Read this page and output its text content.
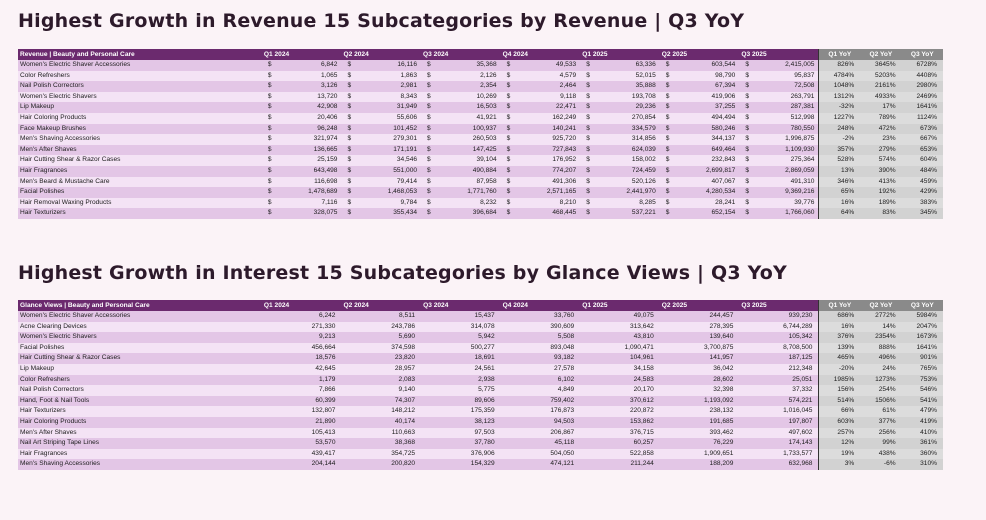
Highest Growth in Revenue 15 Subcategories by Revenue | Q3 YoY
Revenue | Beauty and Personal Care	Q1 2024		Q2 2024		Q3 2024		Q4 2024		Q1 2025		Q2 2025		Q3 2025		Q1 YoY	Q2 YoY	Q3 YoY
Women's Electric Shaver Accessories	$	6,842	$	16,116	$	35,368	$	49,533	$	63,336	$	603,544	$	2,415,005	826%	3645%	6728%
Color Refreshers	$	1,065	$	1,863	$	2,126	$	4,579	$	52,015	$	98,790	$	95,837	4784%	5203%	4408%
Nail Polish Correctors	$	3,126	$	2,981	$	2,354	$	2,464	$	35,888	$	67,394	$	72,508	1048%	2161%	2980%
Women's Electric Shavers	$	13,720	$	8,343	$	10,269	$	9,118	$	193,708	$	419,906	$	263,791	1312%	4933%	2469%
Lip Makeup	$	42,908	$	31,949	$	16,503	$	22,471	$	29,236	$	37,255	$	287,381	-32%	17%	1641%
Hair Coloring Products	$	20,406	$	55,606	$	41,921	$	162,249	$	270,854	$	494,494	$	512,998	1227%	789%	1124%
Face Makeup Brushes	$	96,248	$	101,452	$	100,937	$	140,241	$	334,579	$	580,246	$	780,550	248%	472%	673%
Men's Shaving Accessories	$	321,974	$	279,301	$	260,503	$	925,720	$	314,856	$	344,137	$	1,996,875	-2%	23%	667%
Men's After Shaves	$	136,665	$	171,191	$	147,425	$	727,843	$	624,039	$	649,464	$	1,109,930	357%	279%	653%
Hair Cutting Shear & Razor Cases	$	25,159	$	34,546	$	39,104	$	176,952	$	158,002	$	232,843	$	275,364	528%	574%	604%
Hair Fragrances	$	643,498	$	551,000	$	490,884	$	774,207	$	724,459	$	2,699,817	$	2,869,059	13%	390%	484%
Men's Beard & Mustache Care	$	116,698	$	79,414	$	87,958	$	491,306	$	520,126	$	407,067	$	491,310	346%	413%	459%
Facial Polishes	$	1,478,689	$	1,468,053	$	1,771,760	$	2,571,165	$	2,441,970	$	4,280,534	$	9,369,216	65%	192%	429%
Hair Removal Waxing Products	$	7,116	$	9,784	$	8,232	$	8,210	$	8,285	$	28,241	$	39,776	16%	189%	383%
Hair Texturizers	$	328,075	$	355,434	$	396,684	$	468,445	$	537,221	$	652,154	$	1,766,060	64%	83%	345%
Highest Growth in Interest 15 Subcategories by Glance Views | Q3 YoY
Glance Views | Beauty and Personal Care	Q1 2024	Q2 2024	Q3 2024	Q4 2024	Q1 2025	Q2 2025	Q3 2025	Q1 YoY	Q2 YoY	Q3 YoY
Women's Electric Shaver Accessories	6,242	8,511	15,437	33,760	49,075	244,457	939,230	686%	2772%	5984%
Acne Clearing Devices	271,330	243,786	314,078	390,609	313,642	278,395	6,744,289	16%	14%	2047%
Women's Electric Shavers	9,213	5,690	5,942	5,508	43,810	139,640	105,342	376%	2354%	1673%
Facial Polishes	456,664	374,598	500,277	893,048	1,090,471	3,700,875	8,708,500	139%	888%	1641%
Hair Cutting Shear & Razor Cases	18,576	23,820	18,691	93,182	104,961	141,957	187,125	465%	496%	901%
Lip Makeup	42,645	28,957	24,561	27,578	34,158	36,042	212,348	-20%	24%	765%
Color Refreshers	1,179	2,083	2,938	6,102	24,583	28,602	25,051	1985%	1273%	753%
Nail Polish Correctors	7,866	9,140	5,775	4,849	20,170	32,398	37,332	156%	254%	546%
Hand, Foot & Nail Tools	60,399	74,307	89,606	759,402	370,612	1,193,092	574,221	514%	1506%	541%
Hair Texturizers	132,807	148,212	175,359	176,873	220,872	238,132	1,016,045	66%	61%	479%
Hair Coloring Products	21,890	40,174	38,123	94,503	153,862	191,685	197,807	603%	377%	419%
Men's After Shaves	105,413	110,663	97,503	206,867	376,715	393,462	497,602	257%	256%	410%
Nail Art Striping Tape Lines	53,570	38,368	37,780	45,118	60,257	76,229	174,143	12%	99%	361%
Hair Fragrances	439,417	354,725	376,906	504,050	522,858	1,909,651	1,733,577	19%	438%	360%
Men's Shaving Accessories	204,144	200,820	154,329	474,121	211,244	188,209	632,968	3%	-6%	310%
